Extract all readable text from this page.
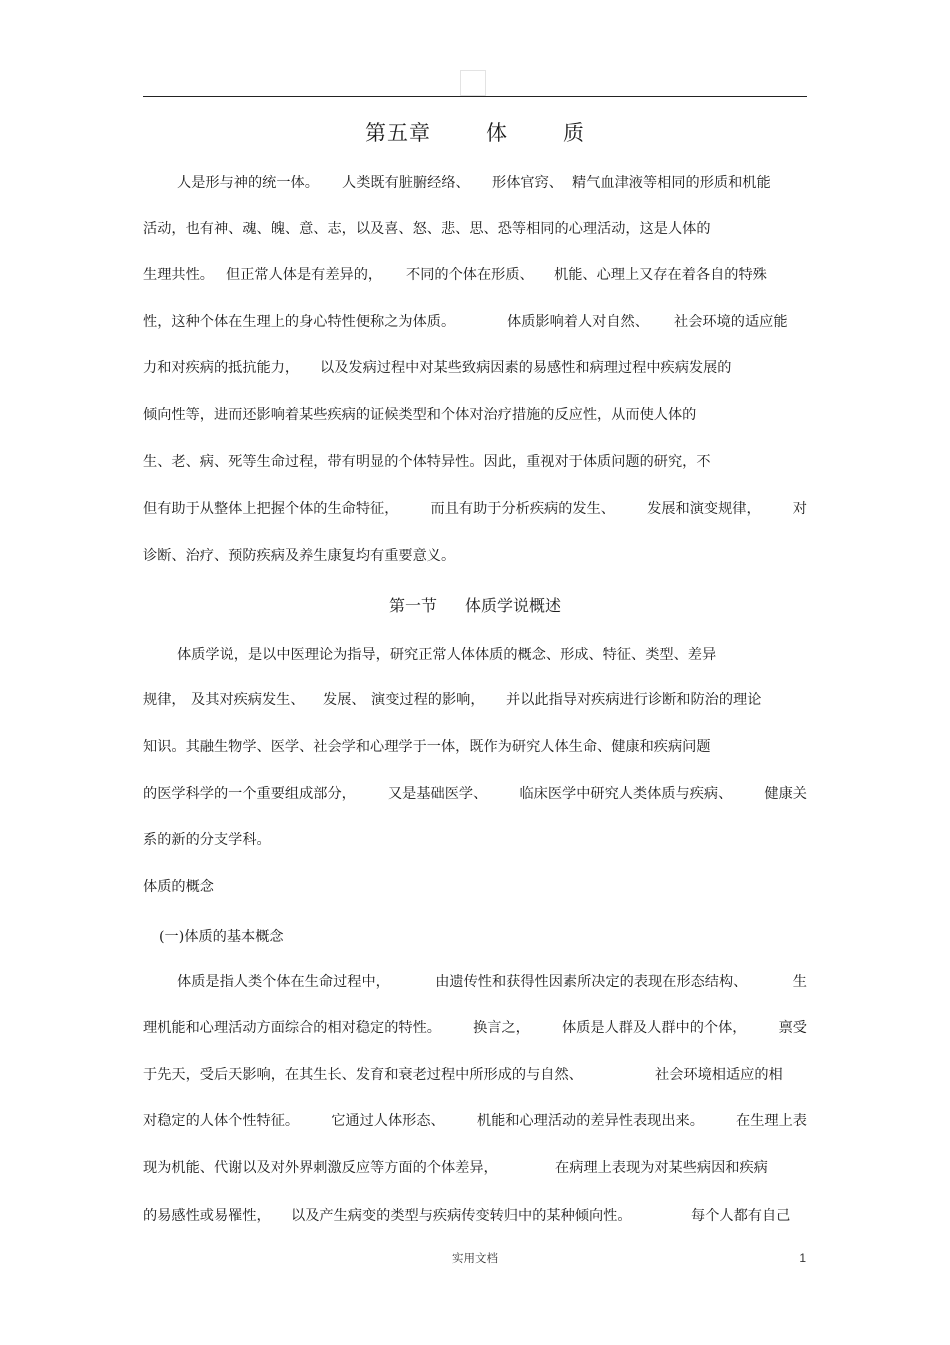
第五章	体	质
人是形与神的统一体。 人类既有脏腑经络、 形体官窍、 精气血津液等相同的形质和机能
活动，也有神、魂、魄、意、志，以及喜、怒、悲、思、恐等相同的心理活动，这是人体的
生理共性。 但正常人体是有差异的， 不同的个体在形质、 机能、心理上又存在着各自的特殊
性，这种个体在生理上的身心特性便称之为体质。	体质影响着人对自然、 社会环境的适应能
力和对疾病的抵抗能力， 以及发病过程中对某些致病因素的易感性和病理过程中疾病发展的
倾向性等，进而还影响着某些疾病的证候类型和个体对治疗措施的反应性，从而使人体的
生、老、病、死等生命过程，带有明显的个体特异性。因此，重视对于体质问题的研究，不
但有助于从整体上把握个体的生命特征， 而且有助于分析疾病的发生、 发展和演变规律， 对
诊断、治疗、预防疾病及养生康复均有重要意义。
第一节 体质学说概述
体质学说，是以中医理论为指导，研究正常人体体质的概念、形成、特征、类型、差异
规律， 及其对疾病发生、 发展、 演变过程的影响， 并以此指导对疾病进行诊断和防治的理论
知识。其融生物学、医学、社会学和心理学于一体，既作为研究人体生命、健康和疾病问题
的医学科学的一个重要组成部分， 又是基础医学、 临床医学中研究人类体质与疾病、 健康关
系的新的分支学科。
体质的概念
(一)体质的基本概念
体质是指人类个体在生命过程中，	由遗传性和获得性因素所决定的表现在形态结构、	生
理机能和心理活动方面综合的相对稳定的特性。 换言之， 体质是人群及人群中的个体， 禀受
于先天，受后天影响，在其生长、发育和衰老过程中所形成的与自然、	社会环境相适应的相
对稳定的人体个性特征。 它通过人体形态、 机能和心理活动的差异性表现出来。 在生理上表
现为机能、代谢以及对外界刺激反应等方面的个体差异，	在病理上表现为对某些病因和疾病
的易感性或易罹性， 以及产生病变的类型与疾病传变转归中的某种倾向性。	每个人都有自己
实用文档	1
